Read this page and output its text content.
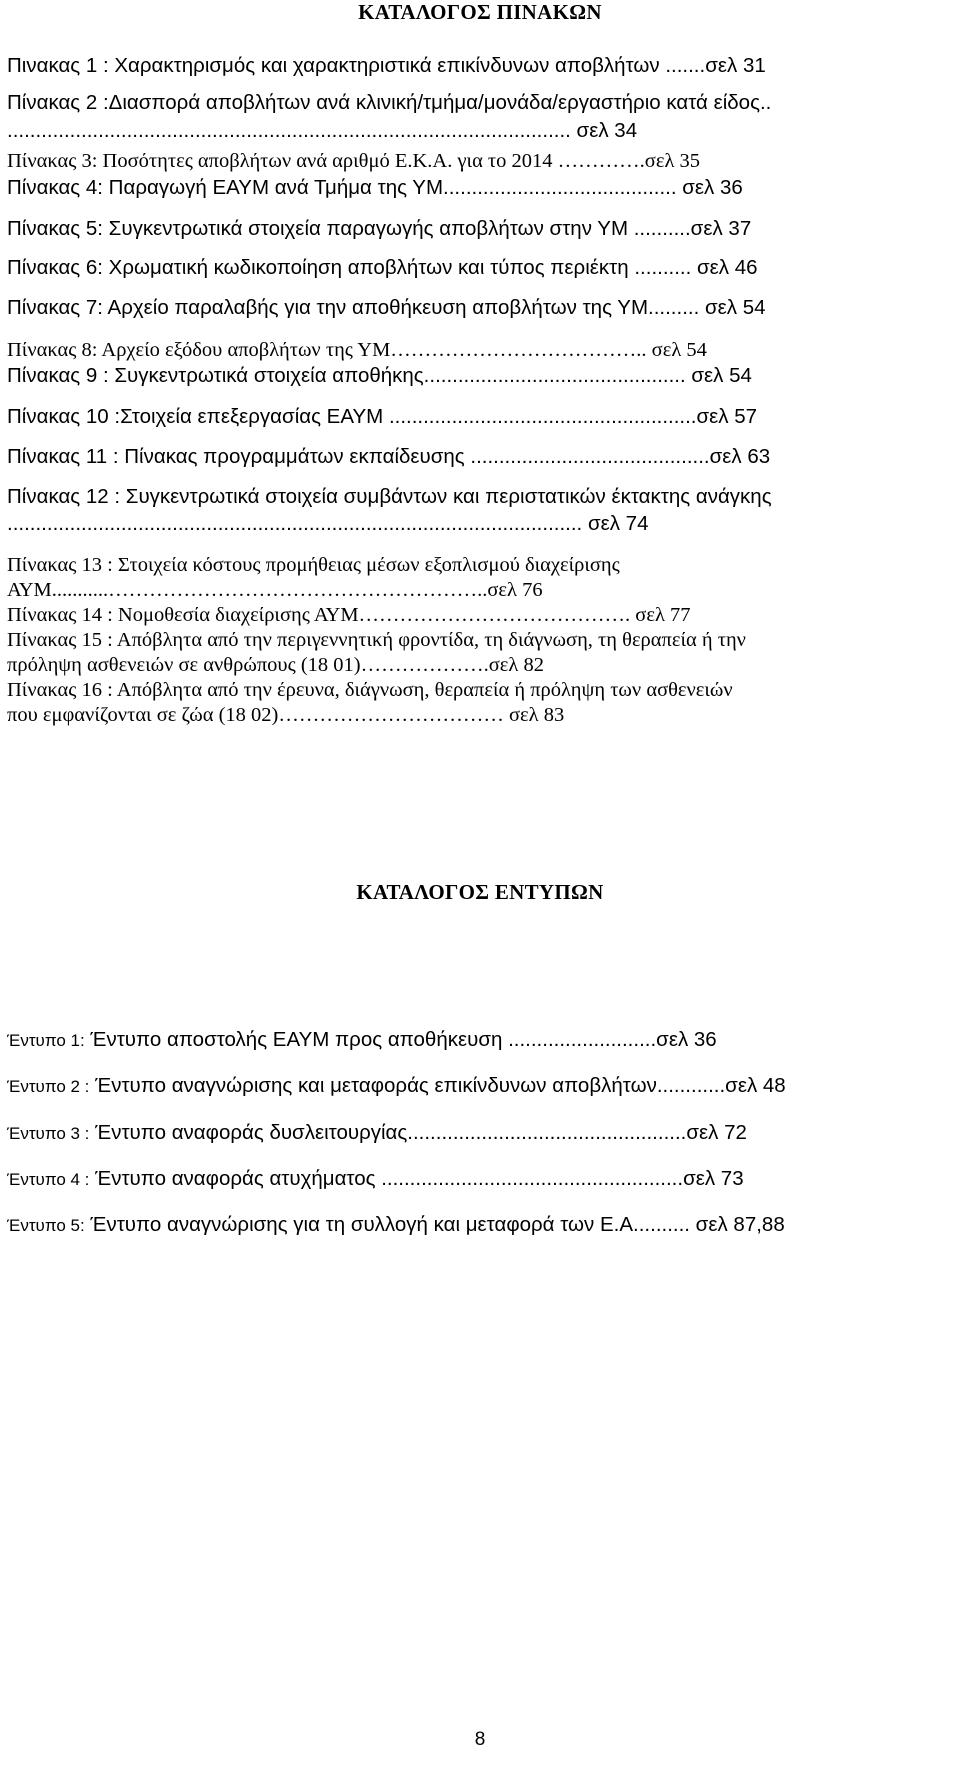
ΚΑΤΑΛΟΓΟΣ ΠΙΝΑΚΩΝ
Πινακας 1 : Χαρακτηρισμός και χαρακτηριστικά επικίνδυνων αποβλήτων .......σελ 31
Πίνακας 2 :Διασπορά αποβλήτων ανά κλινική/τμήμα/μονάδα/εργαστήριο κατά είδος..
................................................................................................... σελ 34
Πίνακας 3: Ποσότητες αποβλήτων ανά αριθμό Ε.Κ.Α. για το 2014 ………….σελ 35
Πίνακας 4: Παραγωγή ΕΑΥΜ ανά Τμήμα της ΥΜ......................................... σελ 36
Πίνακας 5: Συγκεντρωτικά στοιχεία παραγωγής αποβλήτων στην ΥΜ ..........σελ 37
Πίνακας 6: Χρωματική κωδικοποίηση αποβλήτων και τύπος περιέκτη .......... σελ 46
Πίνακας 7: Αρχείο παραλαβής για την αποθήκευση αποβλήτων της ΥΜ......... σελ 54
Πίνακας 8: Αρχείο εξόδου αποβλήτων της ΥΜ……………………………….. σελ 54
Πίνακας 9 : Συγκεντρωτικά στοιχεία αποθήκης.............................................. σελ 54
Πίνακας 10 :Στοιχεία επεξεργασίας ΕΑΥΜ ......................................................σελ 57
Πίνακας 11 : Πίνακας προγραμμάτων εκπαίδευσης ..........................................σελ 63
Πίνακας 12 : Συγκεντρωτικά στοιχεία συμβάντων και περιστατικών έκτακτης ανάγκης
..................................................................................................... σελ 74
Πίνακας 13 : Στοιχεία κόστους προμήθειας μέσων εξοπλισμού διαχείρισης
ΑΥΜ...........………………………………………………..σελ 76
Πίνακας 14 : Νομοθεσία διαχείρισης ΑΥΜ…………………………………. σελ 77
Πίνακας 15 : Απόβλητα από την περιγεννητική φροντίδα, τη διάγνωση, τη θεραπεία ή την
πρόληψη ασθενειών σε ανθρώπους (18 01)……………….σελ 82
Πίνακας 16 : Απόβλητα από την έρευνα, διάγνωση, θεραπεία ή πρόληψη των ασθενειών
που εμφανίζονται σε ζώα (18 02)…………………………… σελ 83
ΚΑΤΑΛΟΓΟΣ ΕΝΤΥΠΩΝ
Έντυπο 1: Έντυπο αποστολής ΕΑΥΜ προς αποθήκευση ..........................σελ 36
Έντυπο 2 : Έντυπο αναγνώρισης και μεταφοράς επικίνδυνων αποβλήτων............σελ 48
Έντυπο 3 : Έντυπο αναφοράς δυσλειτουργίας.................................................σελ 72
Έντυπο 4 : Έντυπο αναφοράς ατυχήματος .....................................................σελ 73
Έντυπο 5: Έντυπο αναγνώρισης για τη συλλογή και μεταφορά των Ε.Α.......... σελ 87,88
8
